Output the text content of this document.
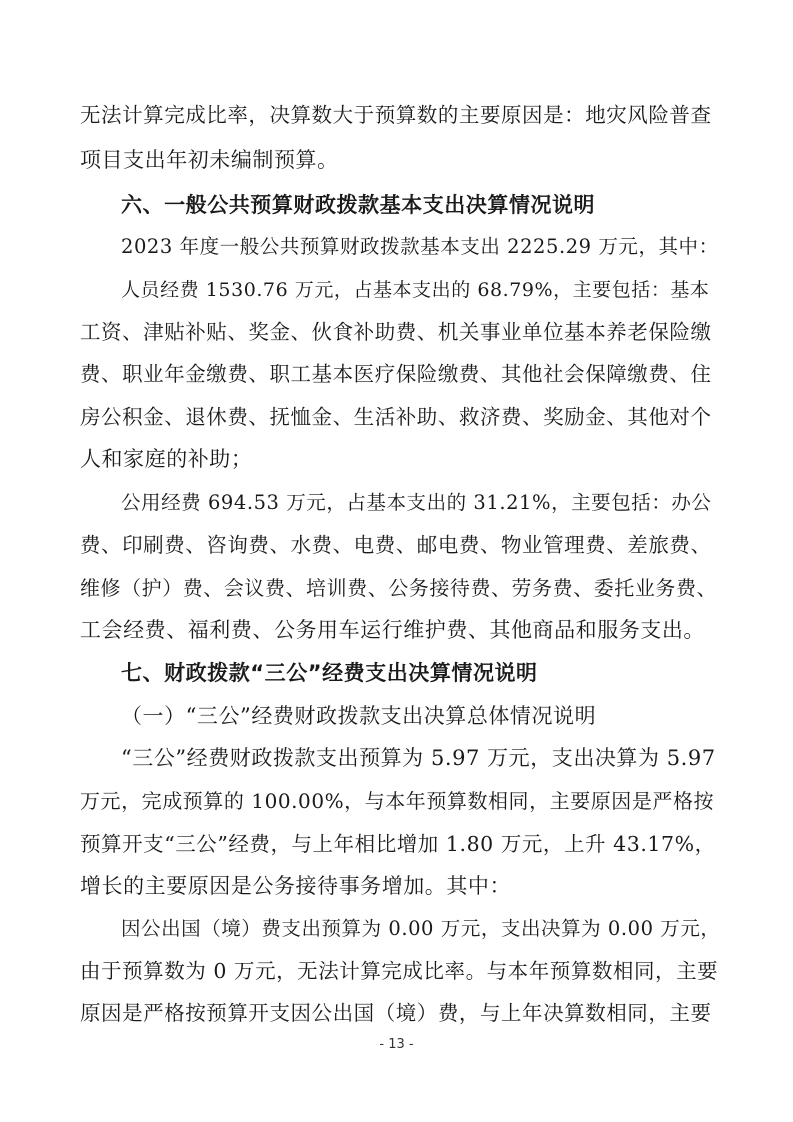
无法计算完成比率，决算数大于预算数的主要原因是：地灾风险普查
项目支出年初未编制预算。
六、一般公共预算财政拨款基本支出决算情况说明
2023 年度一般公共预算财政拨款基本支出 2225.29 万元，其中：
人员经费 1530.76 万元，占基本支出的 68.79%，主要包括：基本
工资、津贴补贴、奖金、伙食补助费、机关事业单位基本养老保险缴
费、职业年金缴费、职工基本医疗保险缴费、其他社会保障缴费、住
房公积金、退休费、抚恤金、生活补助、救济费、奖励金、其他对个
人和家庭的补助；
公用经费 694.53 万元，占基本支出的 31.21%，主要包括：办公
费、印刷费、咨询费、水费、电费、邮电费、物业管理费、差旅费、
维修（护）费、会议费、培训费、公务接待费、劳务费、委托业务费、
工会经费、福利费、公务用车运行维护费、其他商品和服务支出。
七、财政拨款“三公”经费支出决算情况说明
（一）“三公”经费财政拨款支出决算总体情况说明
“三公”经费财政拨款支出预算为 5.97 万元，支出决算为 5.97
万元，完成预算的 100.00%，与本年预算数相同，主要原因是严格按
预算开支“三公”经费，与上年相比增加 1.80 万元，上升 43.17%，
增长的主要原因是公务接待事务增加。其中：
因公出国（境）费支出预算为 0.00 万元，支出决算为 0.00 万元，
由于预算数为 0 万元，无法计算完成比率。与本年预算数相同，主要
原因是严格按预算开支因公出国（境）费，与上年决算数相同，主要
- 13 -
